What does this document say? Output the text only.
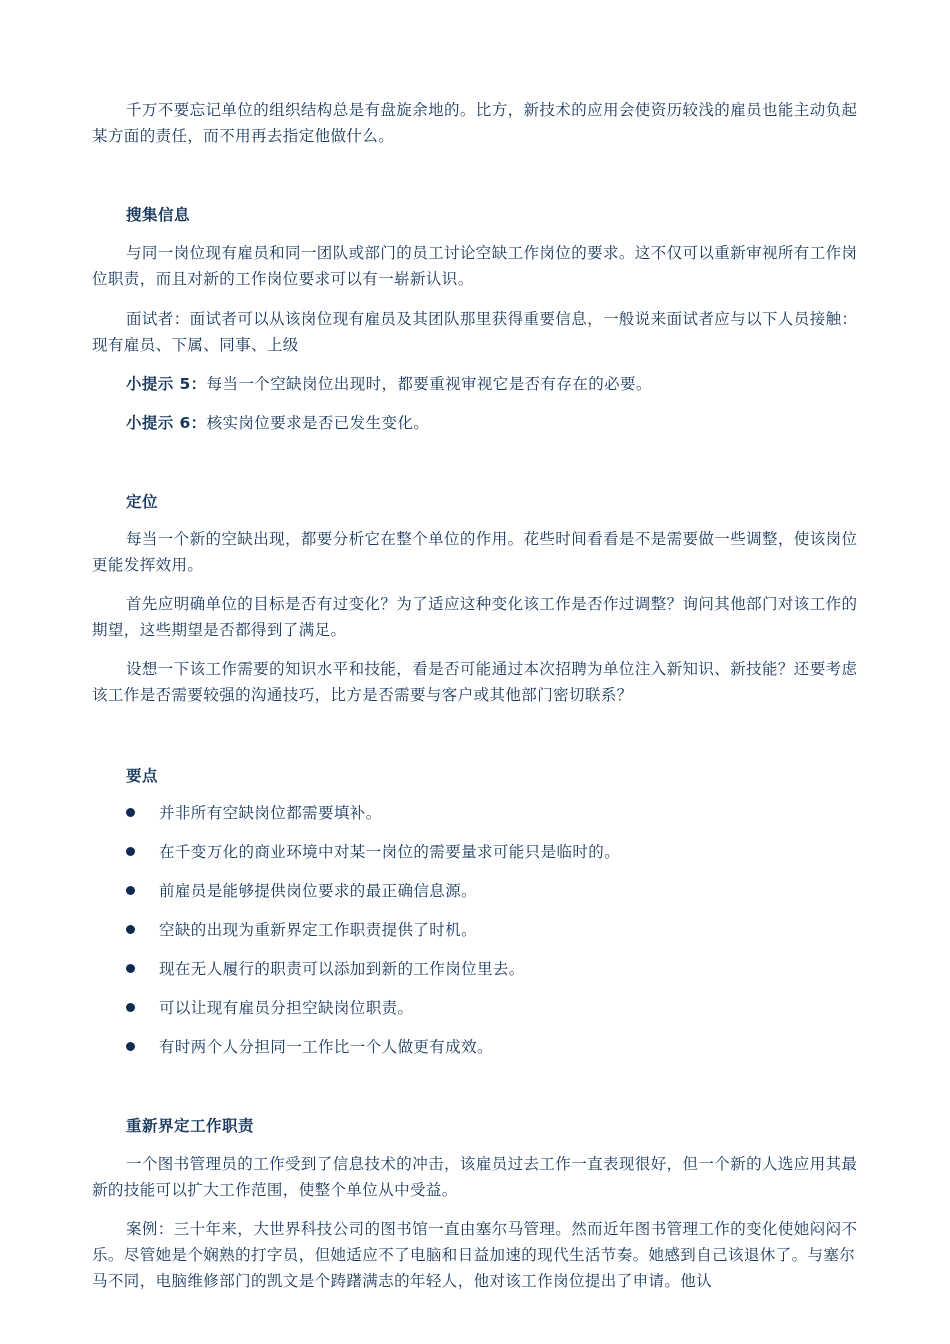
千万不要忘记单位的组织结构总是有盘旋余地的。比方，新技术的应用会使资历较浅的雇员也能主动负起某方面的责任，而不用再去指定他做什么。

搜集信息

与同一岗位现有雇员和同一团队或部门的员工讨论空缺工作岗位的要求。这不仅可以重新审视所有工作岗位职责，而且对新的工作岗位要求可以有一崭新认识。

面试者：面试者可以从该岗位现有雇员及其团队那里获得重要信息，一般说来面试者应与以下人员接触：现有雇员、下属、同事、上级

小提示 5：每当一个空缺岗位出现时，都要重视审视它是否有存在的必要。
小提示 6：核实岗位要求是否已发生变化。
定位

每当一个新的空缺出现，都要分析它在整个单位的作用。花些时间看看是不是需要做一些调整，使该岗位更能发挥效用。

首先应明确单位的目标是否有过变化？为了适应这种变化该工作是否作过调整？询问其他部门对该工作的期望，这些期望是否都得到了满足。

设想一下该工作需要的知识水平和技能，看是否可能通过本次招聘为单位注入新知识、新技能？还要考虑该工作是否需要较强的沟通技巧，比方是否需要与客户或其他部门密切联系？

要点
并非所有空缺岗位都需要填补。
在千变万化的商业环境中对某一岗位的需要量求可能只是临时的。
前雇员是能够提供岗位要求的最正确信息源。
空缺的出现为重新界定工作职责提供了时机。
现在无人履行的职责可以添加到新的工作岗位里去。
可以让现有雇员分担空缺岗位职责。
有时两个人分担同一工作比一个人做更有成效。
重新界定工作职责

一个图书管理员的工作受到了信息技术的冲击，该雇员过去工作一直表现很好，但一个新的人选应用其最新的技能可以扩大工作范围，使整个单位从中受益。

案例：三十年来，大世界科技公司的图书馆一直由塞尔马管理。然而近年图书管理工作的变化使她闷闷不乐。尽管她是个娴熟的打字员，但她适应不了电脑和日益加速的现代生活节奏。她感到自己该退休了。与塞尔马不同，电脑维修部门的凯文是个踌躇满志的年轻人，他对该工作岗位提出了申请。他认
